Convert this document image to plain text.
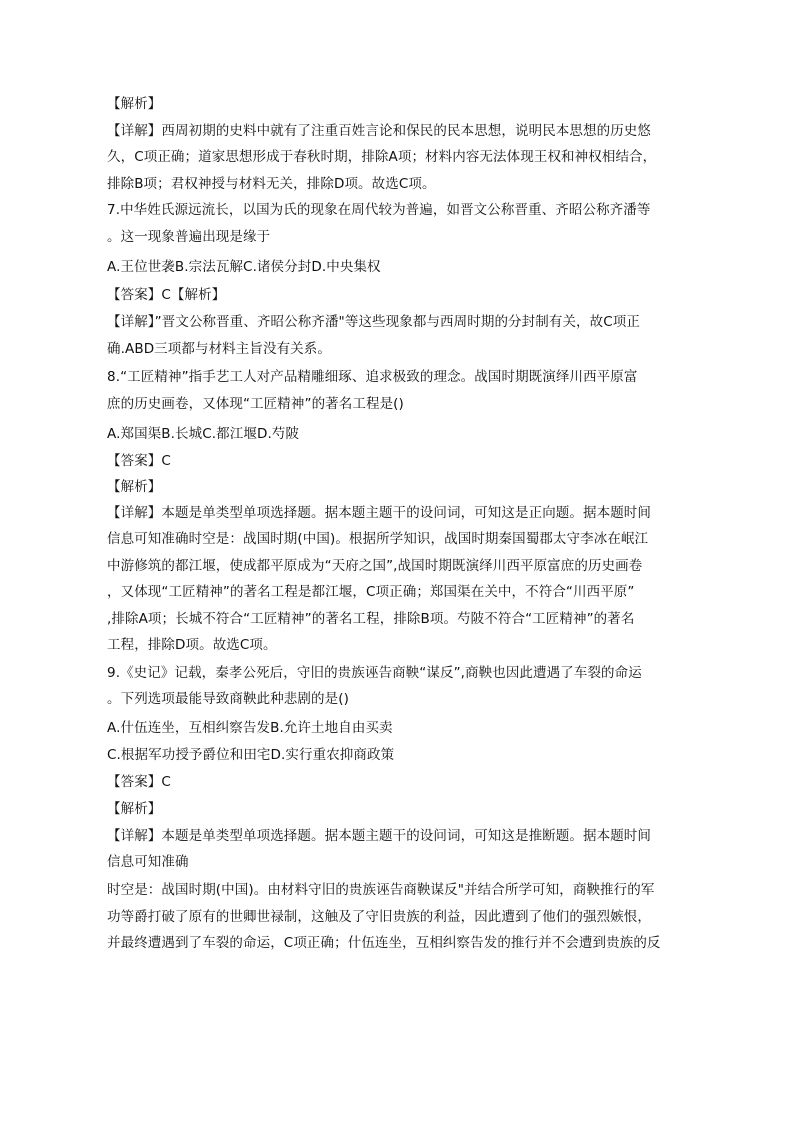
【解析】
【详解】西周初期的史料中就有了注重百姓言论和保民的民本思想，说明民本思想的历史悠
久，C项正确；道家思想形成于春秋时期，排除A项；材料内容无法体现王权和神权相结合，
排除B项；君权神授与材料无关，排除D项。故选C项。
7.中华姓氏源远流长，以国为氏的现象在周代较为普遍，如晋文公称晋重、齐昭公称齐潘等
。这一现象普遍出现是缘于
A.王位世袭B.宗法瓦解C.诸侯分封D.中央集权
【答案】C【解析】
【详解】”晋文公称晋重、齐昭公称齐潘"等这些现象都与西周时期的分封制有关，故C项正
确.ABD三项都与材料主旨没有关系。
8.“工匠精神”指手艺工人对产品精雕细琢、追求极致的理念。战国时期既演绎川西平原富
庶的历史画卷，又体现“工匠精神”的著名工程是()
A.郑国渠B.长城C.都江堰D.芍陂
【答案】C
【解析】
【详解】本题是单类型单项选择题。据本题主题干的设问词，可知这是正向题。据本题时间
信息可知准确时空是：战国时期(中国)。根据所学知识，战国时期秦国蜀郡太守李冰在岷江
中游修筑的都江堰，使成都平原成为“天府之国”,战国时期既演绎川西平原富庶的历史画卷
，又体现“工匠精神”的著名工程是都江堰，C项正确；郑国渠在关中，不符合“川西平原”
,排除A项；长城不符合“工匠精神”的著名工程，排除B项。芍陂不符合“工匠精神”的著名
工程，排除D项。故选C项。
9.《史记》记载，秦孝公死后，守旧的贵族诬告商鞅“谋反”,商鞅也因此遭遇了车裂的命运
。下列选项最能导致商鞅此种悲剧的是()
A.什伍连坐，互相纠察告发B.允许土地自由买卖
C.根据军功授予爵位和田宅D.实行重农抑商政策
【答案】C
【解析】
【详解】本题是单类型单项选择题。据本题主题干的设问词，可知这是推断题。据本题时间
信息可知准确
时空是：战国时期(中国)。由材料守旧的贵族诬告商鞅谋反"并结合所学可知，商鞅推行的军
功等爵打破了原有的世卿世禄制，这触及了守旧贵族的利益，因此遭到了他们的强烈嫉恨，
并最终遭遇到了车裂的命运，C项正确；什伍连坐，互相纠察告发的推行并不会遭到贵族的反
